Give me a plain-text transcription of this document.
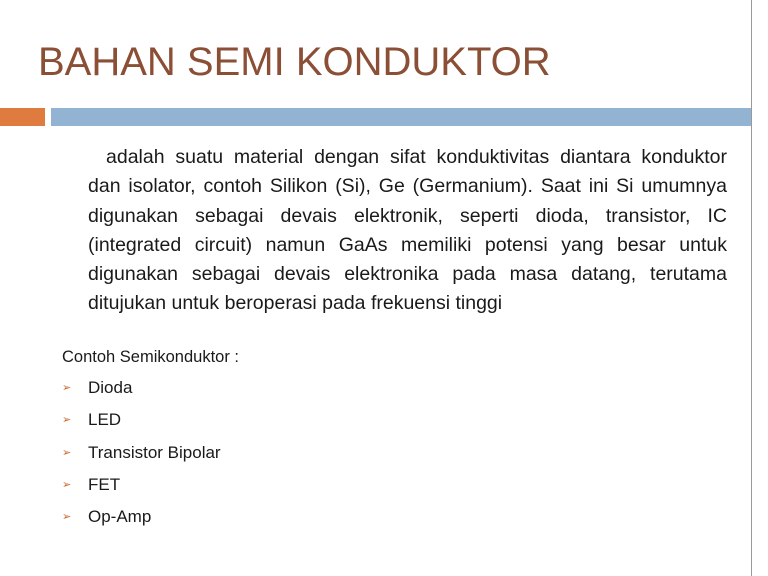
BAHAN SEMI KONDUKTOR

adalah suatu material dengan sifat konduktivitas diantara konduktor dan isolator, contoh Silikon (Si), Ge (Germanium). Saat ini Si umumnya digunakan sebagai devais elektronik, seperti dioda, transistor, IC (integrated circuit) namun GaAs memiliki potensi yang besar untuk digunakan sebagai devais elektronika pada masa datang, terutama ditujukan untuk beroperasi pada frekuensi tinggi

Contoh Semikonduktor :

➢ Dioda
➢ LED
➢ Transistor Bipolar
➢ FET
➢ Op-Amp
